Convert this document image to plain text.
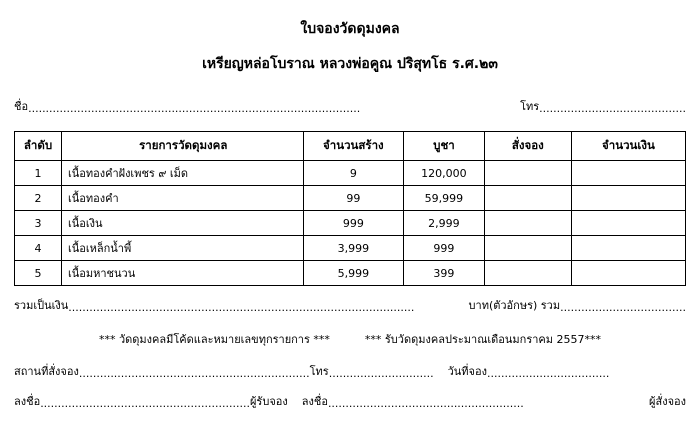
ใบจองวัดดุมงคล
เหรียญหล่อโบราณ หลวงพ่อคูณ ปริสุทโธ ร.ศ.๒๓
ชื่อ ...............................................................................................	โทร ..........................................
ลำดับ	รายการวัดดุมงคล	จำนวนสร้าง	บูชา	สั่งจอง	จำนวนเงิน
1	เนื้อทองคำฝังเพชร ๙ เม็ด	9	120,000		
2	เนื้อทองคำ	99	59,999		
3	เนื้อเงิน	999	2,999		
4	เนื้อเหล็กน้ำพี้	3,999	999		
5	เนื้อมหาชนวน	5,999	399		
รวมเป็นเงิน ...................................................................................................	บาท(ตัวอักษร) รวม ....................................
*** วัดดุมงคลมีโค้ดและหมายเลขทุกรายการ ***	*** รับวัดดุมงคลประมาณเดือนมกราคม 2557***
สถานที่สั่งจอง .................................................................. โทร .............................. วันที่จอง ...................................
ลงชื่อ ............................................................ ผู้รับจอง ลงชื่อ ........................................................	ผู้สั่งจอง
